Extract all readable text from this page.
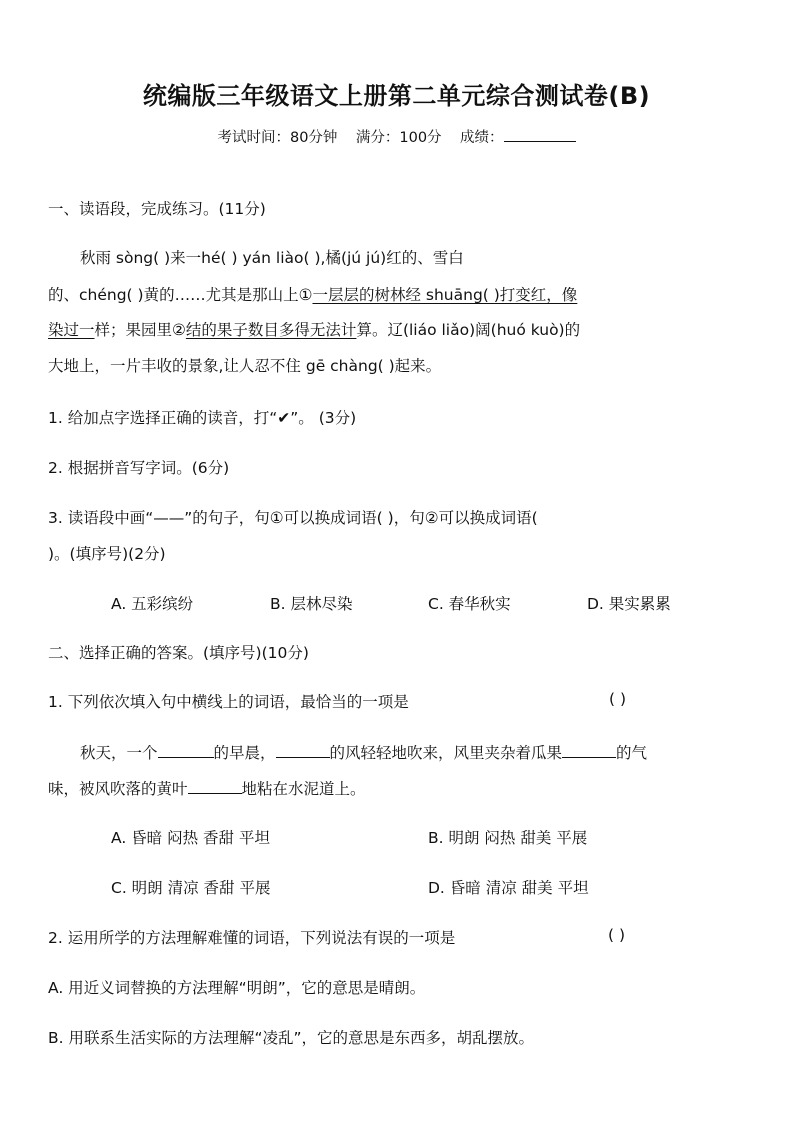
统编版三年级语文上册第二单元综合测试卷(B)
考试时间：80分钟 满分：100分 成绩：
一、读语段，完成练习。(11分)
秋雨 sòng( )来一hé( ) yán liào( ),橘(jú jú)红的、雪白
的、chéng( )黄的……尤其是那山上①一层层的树林经 shuāng( )打变红，像
染过一样；果园里②结的果子数目多得无法计算。辽(liáo liǎo)阔(huó kuò)的
大地上，一片丰收的景象,让人忍不住 gē chàng( )起来。
1. 给加点字选择正确的读音，打“✔”。 (3分)
2. 根据拼音写字词。(6分)
3. 读语段中画“——”的句子，句①可以换成词语( )，句②可以换成词语(
)。(填序号)(2分)
A. 五彩缤纷	B. 层林尽染	C. 春华秋实	D. 果实累累
二、选择正确的答案。(填序号)(10分)
1. 下列依次填入句中横线上的词语，最恰当的一项是	( )
秋天，一个	的早晨，	的风轻轻地吹来，风里夹杂着瓜果	的气
味，被风吹落的黄叶	地粘在水泥道上。
A. 昏暗 闷热 香甜 平坦	B. 明朗 闷热 甜美 平展
C. 明朗 清凉 香甜 平展	D. 昏暗 清凉 甜美 平坦
2. 运用所学的方法理解难懂的词语，下列说法有误的一项是	( )
A. 用近义词替换的方法理解“明朗”，它的意思是晴朗。
B. 用联系生活实际的方法理解“凌乱”，它的意思是东西多，胡乱摆放。
